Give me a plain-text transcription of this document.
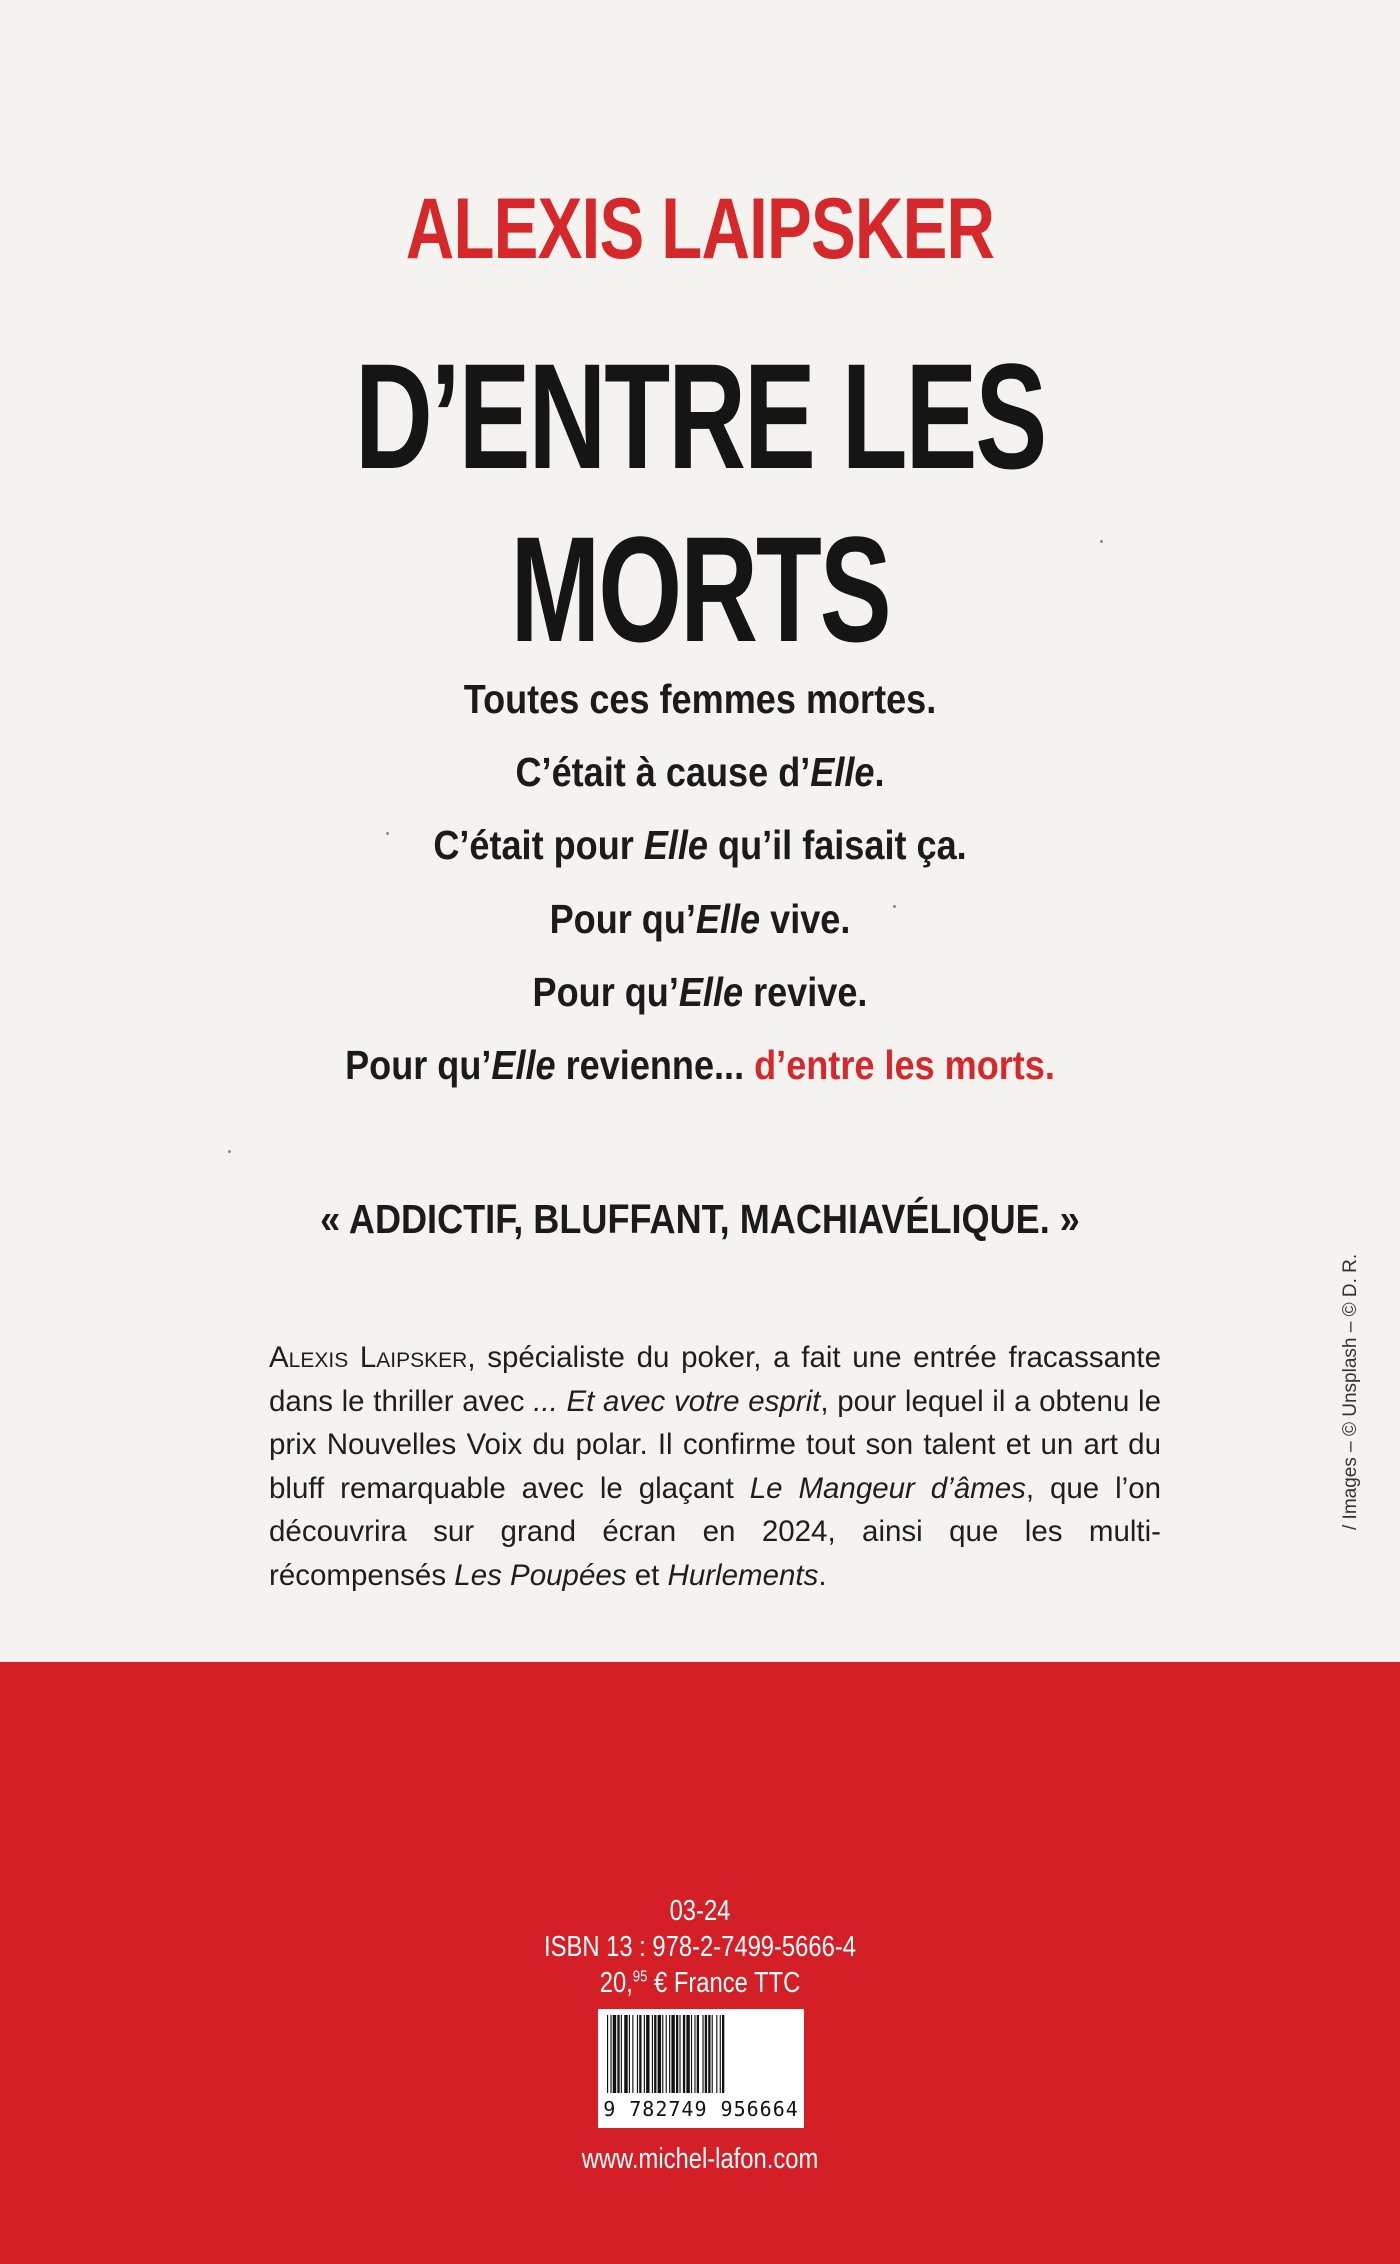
ALEXIS LAIPSKER
D’ENTRE LES MORTS
Toutes ces femmes mortes.
C’était à cause d’Elle.
C’était pour Elle qu’il faisait ça.
Pour qu’Elle vive.
Pour qu’Elle revive.
Pour qu’Elle revienne... d’entre les morts.
« ADDICTIF, BLUFFANT, MACHIAVÉLIQUE. »
Alexis Laipsker, spécialiste du poker, a fait une entrée fracassante dans le thriller avec ... Et avec votre esprit, pour lequel il a obtenu le prix Nouvelles Voix du polar. Il confirme tout son talent et un art du bluff remarquable avec le glaçant Le Mangeur d’âmes, que l’on découvrira sur grand écran en 2024, ainsi que les multi-récompensés Les Poupées et Hurlements.
/ Images – © Unsplash – © D. R.
03-24
ISBN 13 : 978-2-7499-5666-4
20,95 € France TTC
9 782749 956664
www.michel-lafon.com
